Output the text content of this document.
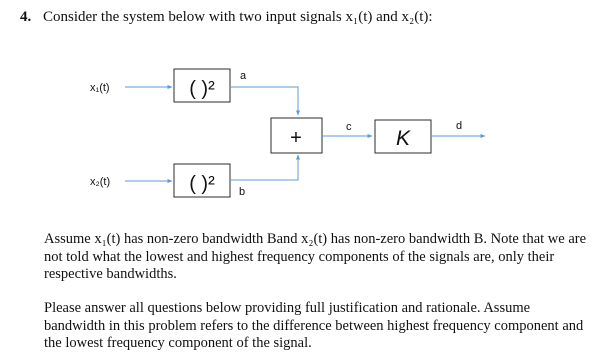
4. Consider the system below with two input signals x₁(t) and x₂(t):
x₁(t)
x₂(t)
( )²
( )²
a
b
+	c K
d

Assume x₁(t) has non-zero bandwidth Band x₂(t) has non-zero bandwidth B. Note that we are not told what the lowest and highest frequency components of the signals are, only their respective bandwidths.

Please answer all questions below providing full justification and rationale. Assume bandwidth in this problem refers to the difference between highest frequency component and the lowest frequency component of the signal.
